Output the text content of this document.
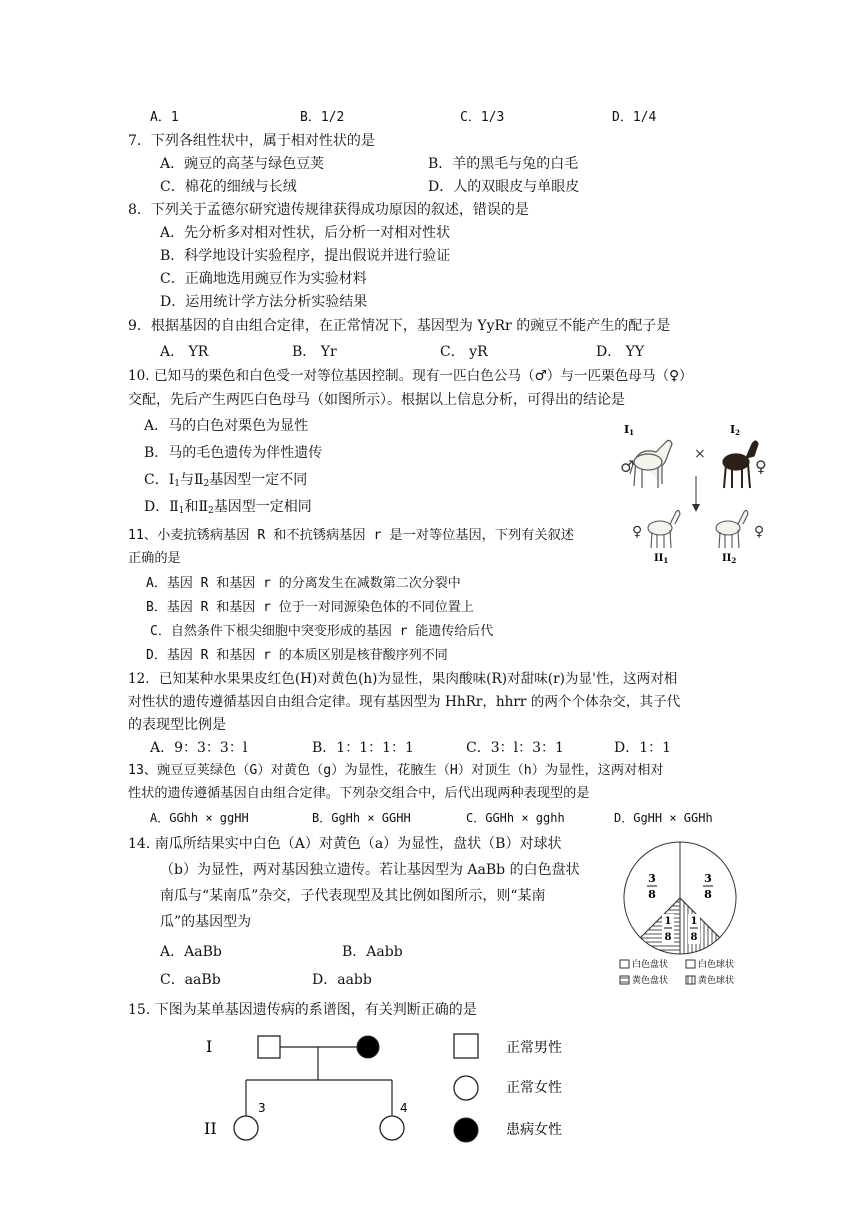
A．1	B．1/2	C．1/3	D．1/4
7．下列各组性状中，属于相对性状的是
A．豌豆的高茎与绿色豆荚	B．羊的黑毛与兔的白毛
C．棉花的细绒与长绒	D．人的双眼皮与单眼皮
8．下列关于孟德尔研究遗传规律获得成功原因的叙述，错误的是
A．先分析多对相对性状，后分析一对相对性状
B．科学地设计实验程序，提出假说并进行验证
C．正确地选用豌豆作为实验材料
D．运用统计学方法分析实验结果
9．根据基因的自由组合定律，在正常情况下，基因型为 YyRr 的豌豆不能产生的配子是
A． YR	B． Yr	C． yR	D． YY
10. 已知马的栗色和白色受一对等位基因控制。现有一匹白色公马（♂）与一匹栗色母马（♀）
交配，先后产生两匹白色母马（如图所示）。根据以上信息分析，可得出的结论是
A．马的白色对栗色为显性
B．马的毛色遗传为伴性遗传
C．$Ⅰ_1$与$Ⅱ_2$基因型一定不同
D．$Ⅱ_1$和$Ⅱ_2$基因型一定相同
I1	I2
♂
×
♀
♀	♀
$II_1$	$II_2$
11、小麦抗锈病基因 R 和不抗锈病基因 r 是一对等位基因，下列有关叙述
正确的是
A．基因 R 和基因 r 的分离发生在减数第二次分裂中
B．基因 R 和基因 r 位于一对同源染色体的不同位置上
C．自然条件下根尖细胞中突变形成的基因 r 能遗传给后代
D．基因 R 和基因 r 的本质区别是核苷酸序列不同
12．已知某种水果果皮红色(H)对黄色(h)为显性，果肉酸味(R)对甜味(r)为显'性，这两对相
对性状的遗传遵循基因自由组合定律。现有基因型为 HhRr，hhrr 的两个个体杂交，其子代
的表现型比例是
A．9：3：3：l	B．1：1：1：1	C．3：l：3：1	D．1：1
13、豌豆豆荚绿色（G）对黄色（g）为显性，花腋生（H）对顶生（h）为显性，这两对相对
性状的遗传遵循基因自由组合定律。下列杂交组合中，后代出现两种表现型的是
A．GGhh × ggHH	B．GgHh × GGHH	C．GGHh × gghh	D．GgHH × GGHh
14. 南瓜所结果实中白色（A）对黄色（a）为显性，盘状（B）对球状
（b）为显性，两对基因独立遗传。若让基因型为 AaBb 的白色盘状
南瓜与“某南瓜”杂交，子代表现型及其比例如图所示，则“某南
瓜”的基因型为
A．AaBb	B．Aabb
C．aaBb	D．aabb
3
8
3
8
1
8
1
8
白色盘状	白色球状
黄色盘状	黄色球状
15. 下图为某单基因遗传病的系谱图，有关判断正确的是
I
II
3	4
正常男性
正常女性
患病女性
